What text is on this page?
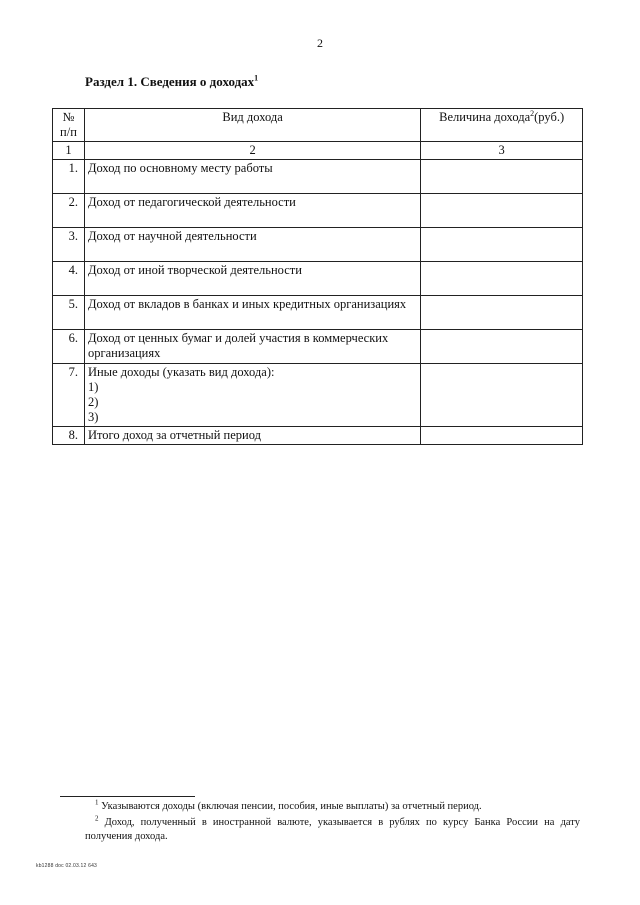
2
Раздел 1. Сведения о доходах$^1$
№
п/п	Вид дохода	Величина дохода$^2$(руб.)
1	2	3
1.	Доход по основному месту работы	
2.	Доход от педагогической деятельности	
3.	Доход от научной деятельности	
4.	Доход от иной творческой деятельности	
5.	Доход от вкладов в банках и иных кредитных организациях	
6.	Доход от ценных бумаг и долей участия в коммерческих организациях	
7.	Иные доходы (указать вид дохода):
1)
2)
3)	

8.	Итого доход за отчетный период	

$^1$ Указываются доходы (включая пенсии, пособия, иные выплаты) за отчетный период.

$^2$ Доход, полученный в иностранной валюте, указывается в рублях по курсу Банка России на дату получения дохода.

kb1288 doc 02.03.12 643
